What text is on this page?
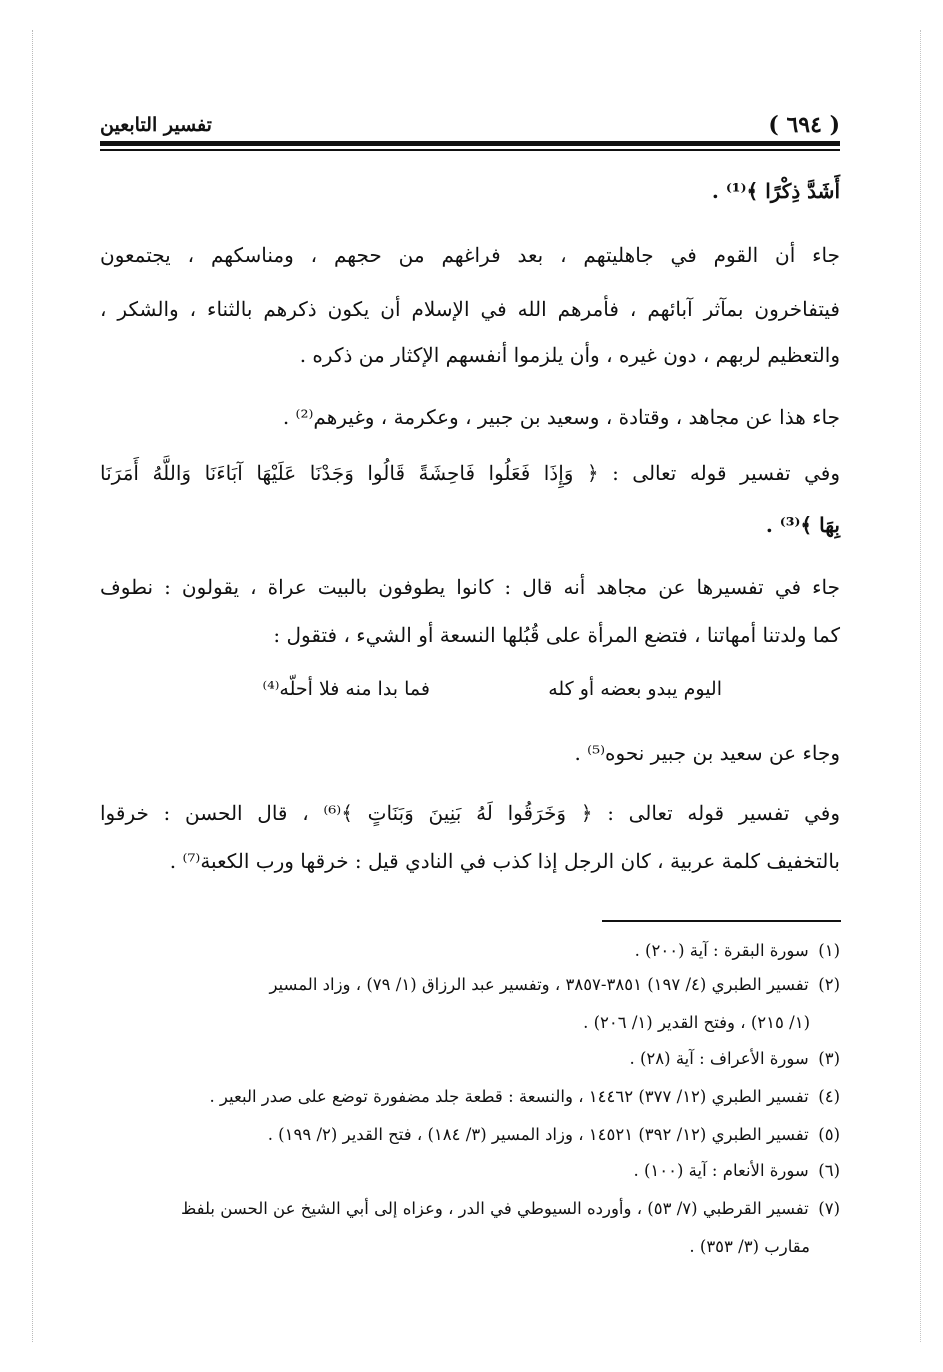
( ٦٩٤ )
تفسير التابعين
أَشَدَّ ذِكْرًا ﴾⁽¹⁾ .
جاء أن القوم في جاهليتهم ، بعد فراغهم من حجهم ، ومناسكهم ، يجتمعون
فيتفاخرون بمآثر آبائهم ، فأمرهم الله في الإسلام أن يكون ذكرهم بالثناء ، والشكر ،
والتعظيم لربهم ، دون غيره ، وأن يلزموا أنفسهم الإكثار من ذكره .
جاء هذا عن مجاهد ، وقتادة ، وسعيد بن جبير ، وعكرمة ، وغيرهم⁽²⁾ .
وفي تفسير قوله تعالى : ﴿ وَإِذَا فَعَلُوا فَاحِشَةً قَالُوا وَجَدْنَا عَلَيْهَا آبَاءَنَا وَاللَّهُ أَمَرَنَا
بِهَا ﴾⁽³⁾ .
جاء في تفسيرها عن مجاهد أنه قال : كانوا يطوفون بالبيت عراة ، يقولون : نطوف
كما ولدتنا أمهاتنا ، فتضع المرأة على قُبُلها النسعة أو الشيء ، فتقول :
اليوم يبدو بعضه أو كله
فما بدا منه فلا أحلّه⁽⁴⁾
وجاء عن سعيد بن جبير نحوه⁽⁵⁾ .
وفي تفسير قوله تعالى : ﴿ وَخَرَقُوا لَهُ بَنِينَ وَبَنَاتٍ ﴾⁽⁶⁾ ، قال الحسن : خرقوا
بالتخفيف كلمة عربية ، كان الرجل إذا كذب في النادي قيل : خرقها ورب الكعبة⁽⁷⁾ .
(١) سورة البقرة : آية (٢٠٠) .
(٢) تفسير الطبري (٤/ ١٩٧) ٣٨٥١-٣٨٥٧ ، وتفسير عبد الرزاق (١/ ٧٩) ، وزاد المسير
(١/ ٢١٥) ، وفتح القدير (١/ ٢٠٦) .
(٣) سورة الأعراف : آية (٢٨) .
(٤) تفسير الطبري (١٢/ ٣٧٧) ١٤٤٦٢ ، والنسعة : قطعة جلد مضفورة توضع على صدر البعير .
(٥) تفسير الطبري (١٢/ ٣٩٢) ١٤٥٢١ ، وزاد المسير (٣/ ١٨٤) ، فتح القدير (٢/ ١٩٩) .
(٦) سورة الأنعام : آية (١٠٠) .
(٧) تفسير القرطبي (٧/ ٥٣) ، وأورده السيوطي في الدر ، وعزاه إلى أبي الشيخ عن الحسن بلفظ
مقارب (٣/ ٣٥٣) .
